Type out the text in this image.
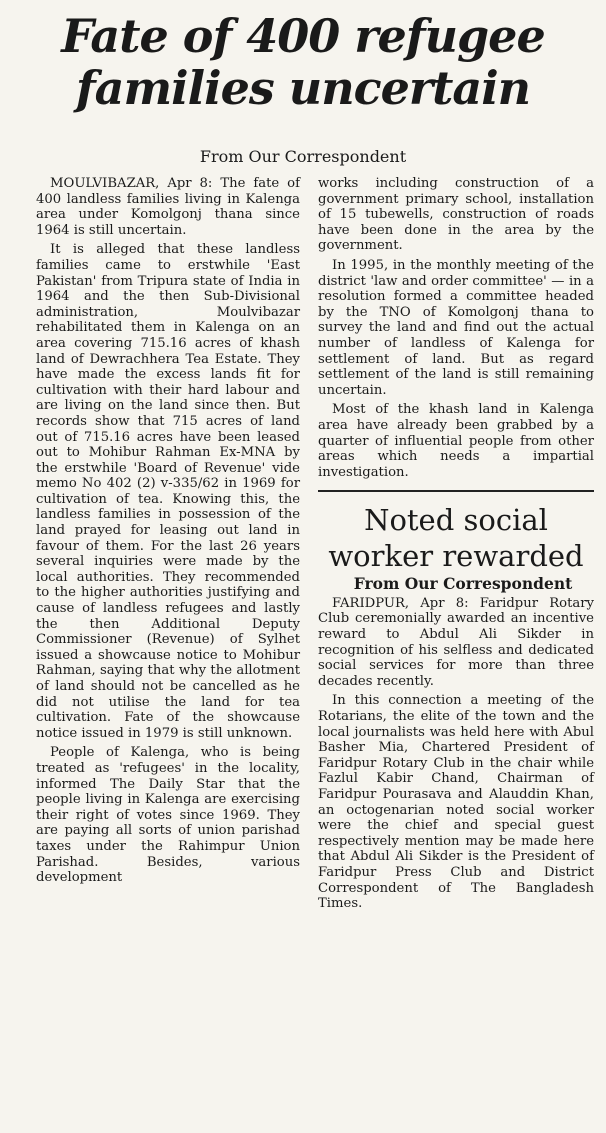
Fate of 400 refugee
families uncertain

From Our Correspondent

MOULVIBAZAR, Apr 8: The fate of 400 landless families living in Kalenga area under Komolgonj thana since 1964 is still uncertain.

It is alleged that these landless families came to erstwhile 'East Pakistan' from Tripura state of India in 1964 and the then Sub-Divisional administration, Moulvibazar rehabilitated them in Kalenga on an area covering 715.16 acres of khash land of Dewrachhera Tea Estate. They have made the excess lands fit for cultivation with their hard labour and are living on the land since then. But records show that 715 acres of land out of 715.16 acres have been leased out to Mohibur Rahman Ex-MNA by the erstwhile 'Board of Revenue' vide memo No 402 (2) v-335/62 in 1969 for cultivation of tea. Knowing this, the landless families in possession of the land prayed for leasing out land in favour of them. For the last 26 years several inquiries were made by the local authorities. They recommended to the higher authorities justifying and cause of landless refugees and lastly the then Additional Deputy Commissioner (Revenue) of Sylhet issued a showcause notice to Mohibur Rahman, saying that why the allotment of land should not be cancelled as he did not utilise the land for tea cultivation. Fate of the showcause notice issued in 1979 is still unknown.

People of Kalenga, who is being treated as 'refugees' in the locality, informed The Daily Star that the people living in Kalenga are exercising their right of votes since 1969. They are paying all sorts of union parishad taxes under the Rahimpur Union Parishad. Besides, various development

works including construction of a government primary school, installation of 15 tubewells, construction of roads have been done in the area by the government.

In 1995, in the monthly meeting of the district 'law and order committee' — in a resolution formed a committee headed by the TNO of Komolgonj thana to survey the land and find out the actual number of landless of Kalenga for settlement of land. But as regard settlement of the land is still remaining uncertain.

Most of the khash land in Kalenga area have already been grabbed by a quarter of influential people from other areas which needs a impartial investigation.

Noted social
worker rewarded

From Our Correspondent

FARIDPUR, Apr 8: Faridpur Rotary Club ceremonially awarded an incentive reward to Abdul Ali Sikder in recognition of his selfless and dedicated social services for more than three decades recently.

In this connection a meeting of the Rotarians, the elite of the town and the local journalists was held here with Abul Basher Mia, Chartered President of Faridpur Rotary Club in the chair while Fazlul Kabir Chand, Chairman of Faridpur Pourasava and Alauddin Khan, an octogenarian noted social worker were the chief and special guest respectively mention may be made here that Abdul Ali Sikder is the President of Faridpur Press Club and District Correspondent of The Bangladesh Times.
